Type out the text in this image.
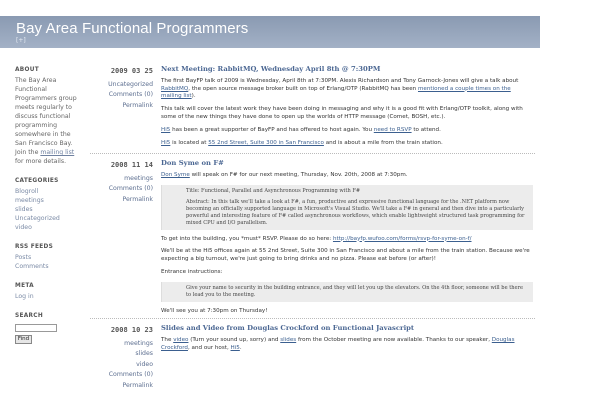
Bay Area Functional Programmers
[+]
ABOUT
The Bay Area Functional Programmers group meets regularly to discuss functional programming somewhere in the San Francisco Bay. Join the mailing list for more details.
CATEGORIES
Blogroll
meetings
slides
Uncategorized
video
RSS FEEDS
Posts
Comments
META
Log in
SEARCH
Find
2009 03 25
Uncategorized
Comments (0)
Permalink
Next Meeting: RabbitMQ, Wednesday April 8th @ 7:30PM

The first BayFP talk of 2009 is Wednesday, April 8th at 7:30PM. Alexis Richardson and Tony Garnock-Jones will give a talk about RabbitMQ, the open source message broker built on top of Erlang/OTP (RabbitMQ has been mentioned a couple times on the mailing list).

This talk will cover the latest work they have been doing in messaging and why it is a good fit with Erlang/OTP toolkit, along with some of the new things they have done to open up the worlds of HTTP message (Comet, BOSH, etc.).

Hi5 has been a great supporter of BayFP and has offered to host again. You need to RSVP to attend.

Hi5 is located at 55 2nd Street, Suite 300 in San Francisco and is about a mile from the train station.

2008 11 14
meetings
Comments (0)
Permalink
Don Syme on F#

Don Syme will speak on F# for our next meeting, Thursday, Nov. 20th, 2008 at 7:30pm.

Title: Functional, Parallel and Asynchronous Programming with F#

Abstract: In this talk we'll take a look at F#, a fun, productive and expressive functional language for the .NET platform now becoming an officially supported language in Microsoft's Visual Studio. We'll take a F# in general and then dive into a particularly powerful and interesting feature of F# called asynchronous workflows, which enable lightweight structured task programming for mixed CPU and I/O parallelism.

To get into the building, you *must* RSVP. Please do so here: http://bayfp.wufoo.com/forms/rsvp-for-syme-on-f/

We'll be at the Hi5 offices again at 55 2nd Street, Suite 300 in San Francisco and about a mile from the train station. Because we're expecting a big turnout, we're just going to bring drinks and no pizza. Please eat before (or after)!

Entrance instructions:

Give your name to security in the building entrance, and they will let you up the elevators. On the 4th floor, someone will be there to lead you to the meeting.

We'll see you at 7:30pm on Thursday!

2008 10 23
meetings
slides
video
Comments (0)
Permalink
Slides and Video from Douglas Crockford on Functional Javascript

The video (Turn your sound up, sorry) and slides from the October meeting are now available. Thanks to our speaker, Douglas Crockford, and our host, Hi5.
